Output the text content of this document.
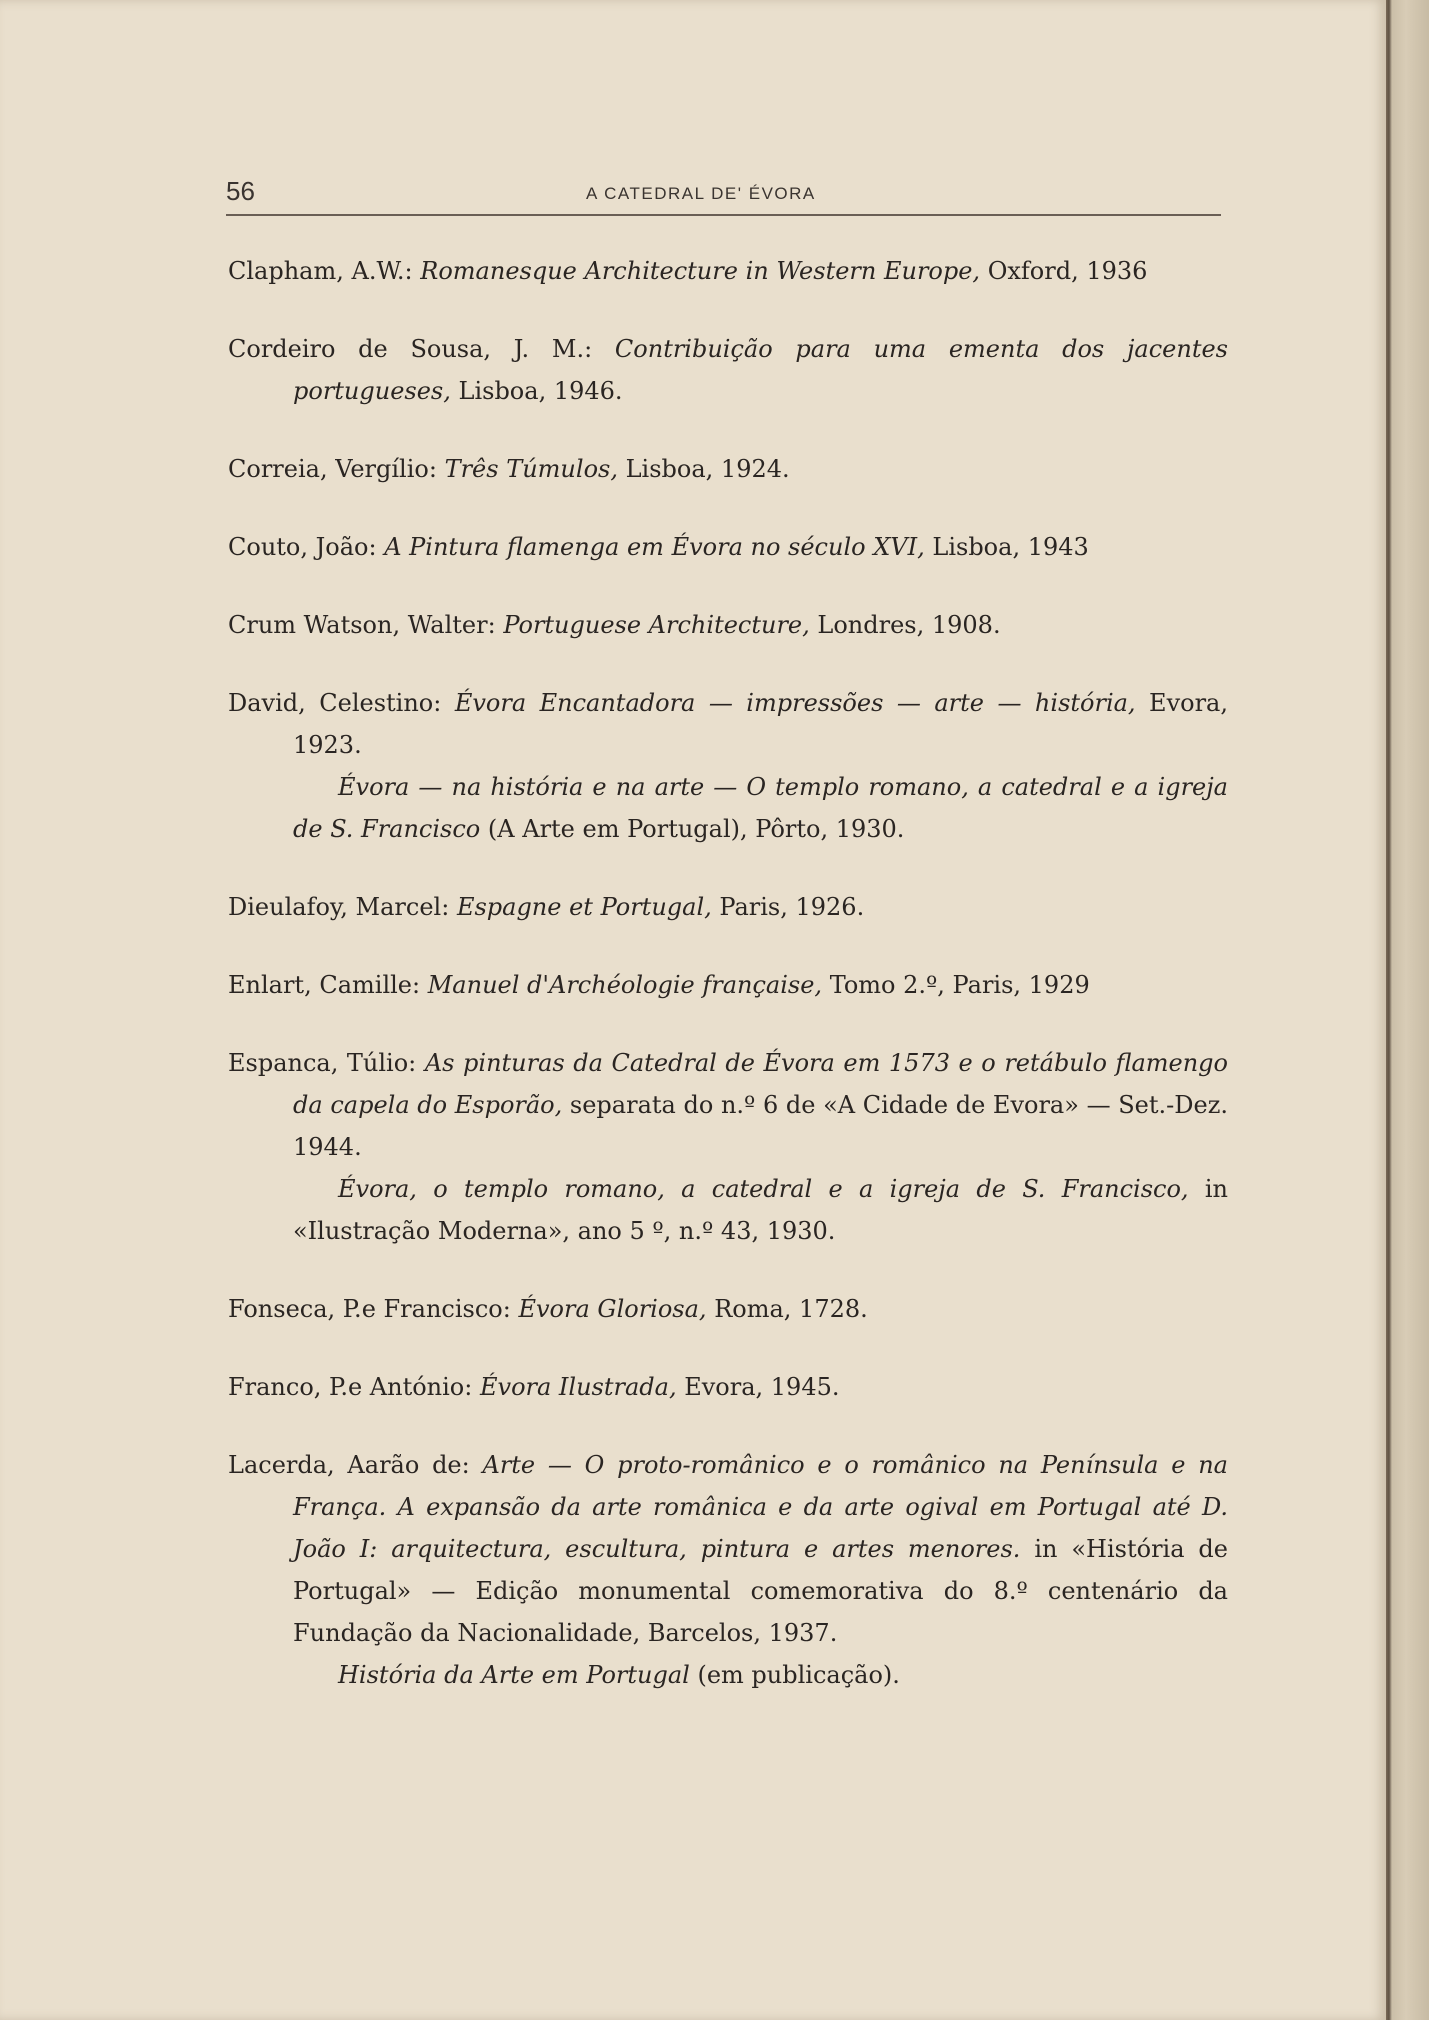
56	A CATEDRAL DE' ÉVORA
Clapham, A.W.: Romanesque Architecture in Western Europe, Oxford, 1936
Cordeiro de Sousa, J. M.: Contribuição para uma ementa dos jacentes portugueses, Lisboa, 1946.
Correia, Vergílio: Três Túmulos, Lisboa, 1924.
Couto, João: A Pintura flamenga em Évora no século XVI, Lisboa, 1943
Crum Watson, Walter: Portuguese Architecture, Londres, 1908.
David, Celestino: Évora Encantadora — impressões — arte — história, Evora, 1923.
Évora — na história e na arte — O templo romano, a catedral e a igreja de S. Francisco (A Arte em Portugal), Pôrto, 1930.
Dieulafoy, Marcel: Espagne et Portugal, Paris, 1926.
Enlart, Camille: Manuel d'Archéologie française, Tomo 2.º, Paris, 1929
Espanca, Túlio: As pinturas da Catedral de Évora em 1573 e o retábulo flamengo da capela do Esporão, separata do n.º 6 de «A Cidade de Evora» — Set.-Dez. 1944.
Évora, o templo romano, a catedral e a igreja de S. Francisco, in «Ilustração Moderna», ano 5 º, n.º 43, 1930.
Fonseca, P.e Francisco: Évora Gloriosa, Roma, 1728.
Franco, P.e António: Évora Ilustrada, Evora, 1945.
Lacerda, Aarão de: Arte — O proto-românico e o românico na Península e na França. A expansão da arte românica e da arte ogival em Portugal até D. João I: arquitectura, escultura, pintura e artes menores. in «História de Portugal» — Edição monumental comemorativa do 8.º centenário da Fundação da Nacionalidade, Barcelos, 1937.
História da Arte em Portugal (em publicação).
